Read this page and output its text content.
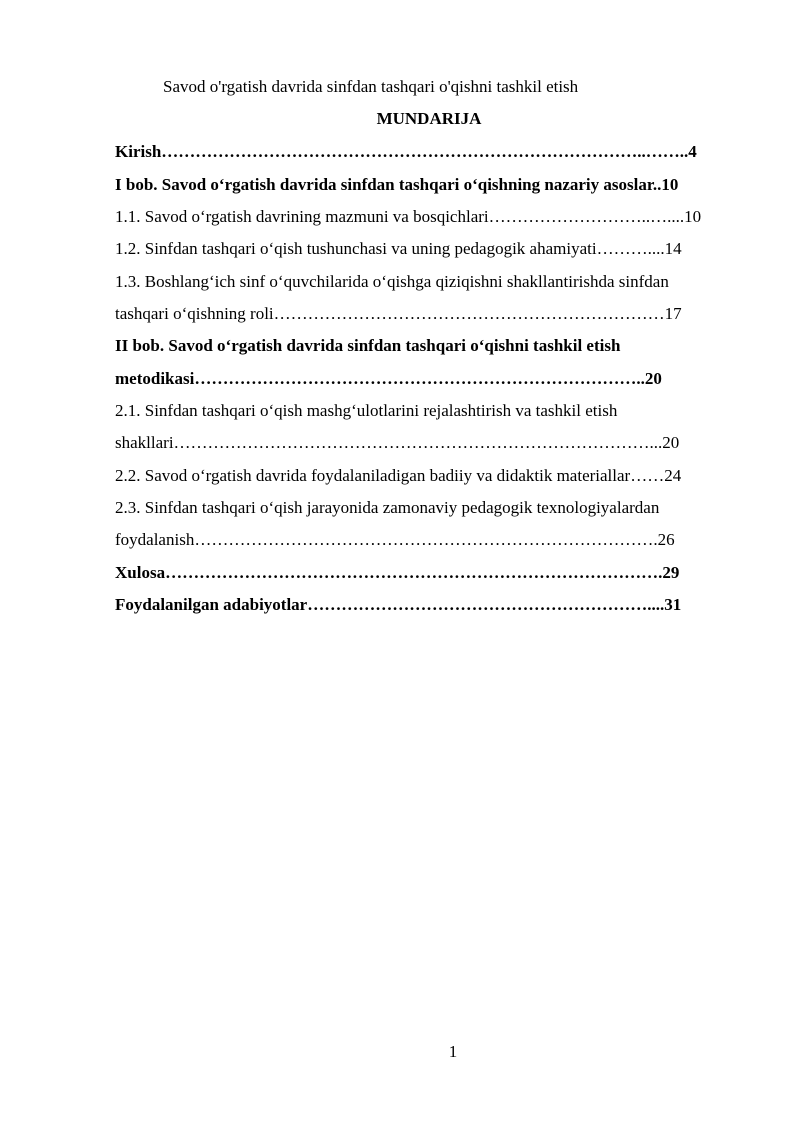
Savod o'rgatish davrida sinfdan tashqari o'qishni tashkil etish
MUNDARIJA
Kirish…………………………………………………………………………..……..4
I bob. Savod o‘rgatish davrida sinfdan tashqari o‘qishning nazariy asoslar..10
1.1. Savod o‘rgatish davrining mazmuni va bosqichlari………………………..…....10
1.2. Sinfdan tashqari o‘qish tushunchasi va uning pedagogik ahamiyati………....14
1.3. Boshlang‘ich sinf o‘quvchilarida o‘qishga qiziqishni shakllantirishda sinfdan
tashqari o‘qishning roli……………………………………………………………17
II bob. Savod o‘rgatish davrida sinfdan tashqari o‘qishni tashkil etish
metodikasi……………………………………………………………………..20
2.1. Sinfdan tashqari o‘qish mashg‘ulotlarini rejalashtirish va tashkil etish
shakllari…………………………………………………………………………...20
2.2. Savod o‘rgatish davrida foydalaniladigan badiiy va didaktik materiallar……24
2.3. Sinfdan tashqari o‘qish jarayonida zamonaviy pedagogik texnologiyalardan
foydalanish……………………………………………………………………….26
Xulosa…………………………………………………………………………….29
Foydalanilgan adabiyotlar……………………………………………………....31
1
